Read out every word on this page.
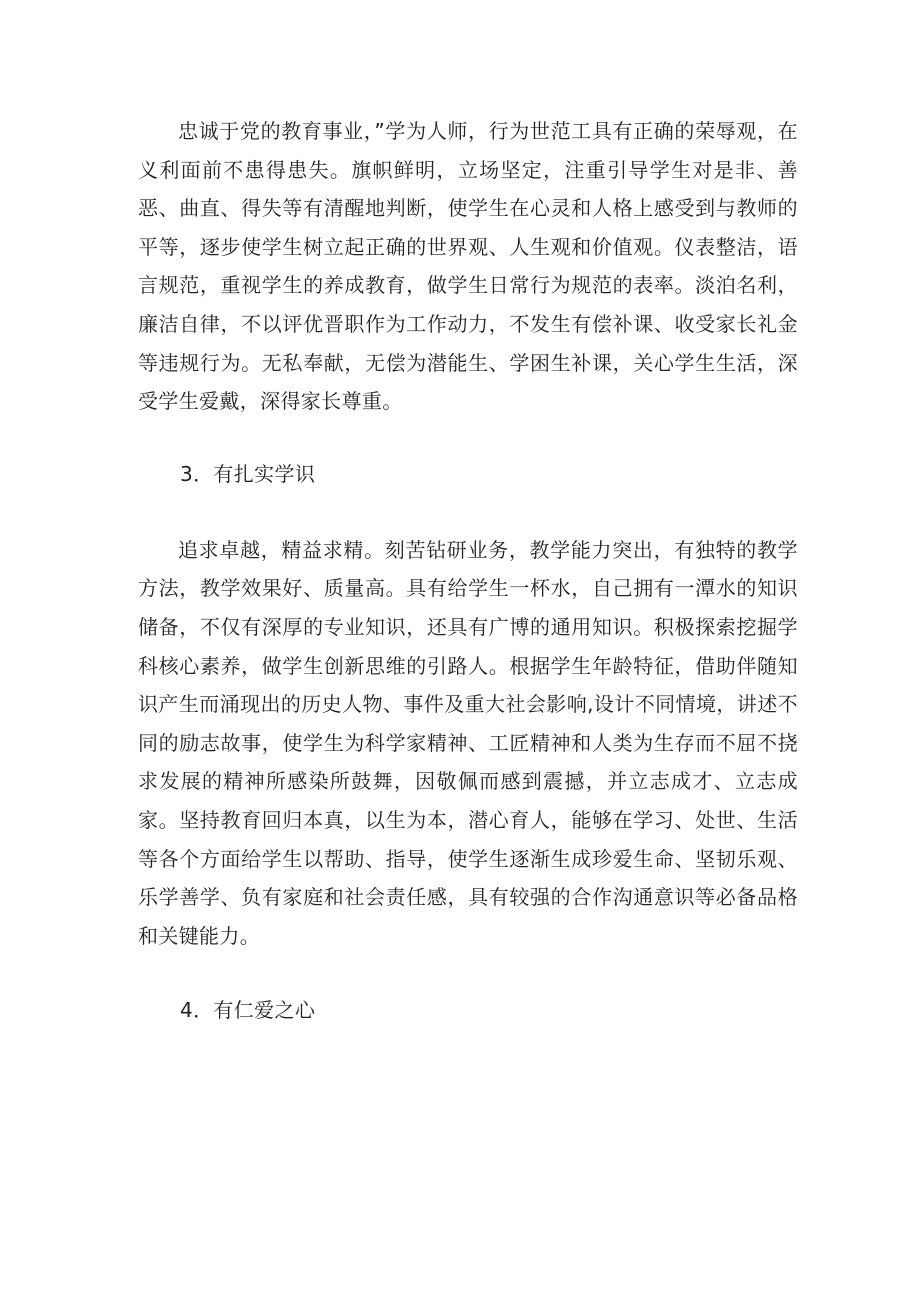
忠诚于党的教育事业，”学为人师，行为世范工具有正确的荣辱观，在义利面前不患得患失。旗帜鲜明，立场坚定，注重引导学生对是非、善恶、曲直、得失等有清醒地判断，使学生在心灵和人格上感受到与教师的平等，逐步使学生树立起正确的世界观、人生观和价值观。仪表整洁，语言规范，重视学生的养成教育，做学生日常行为规范的表率。淡泊名利，廉洁自律，不以评优晋职作为工作动力，不发生有偿补课、收受家长礼金等违规行为。无私奉献，无偿为潜能生、学困生补课，关心学生生活，深受学生爱戴，深得家长尊重。

3．有扎实学识

追求卓越，精益求精。刻苦钻研业务，教学能力突出，有独特的教学方法，教学效果好、质量高。具有给学生一杯水，自己拥有一潭水的知识储备，不仅有深厚的专业知识，还具有广博的通用知识。积极探索挖掘学科核心素养，做学生创新思维的引路人。根据学生年龄特征，借助伴随知识产生而涌现出的历史人物、事件及重大社会影响,设计不同情境，讲述不同的励志故事，使学生为科学家精神、工匠精神和人类为生存而不屈不挠求发展的精神所感染所鼓舞，因敬佩而感到震撼，并立志成才、立志成家。坚持教育回归本真，以生为本，潜心育人，能够在学习、处世、生活等各个方面给学生以帮助、指导，使学生逐渐生成珍爱生命、坚韧乐观、乐学善学、负有家庭和社会责任感，具有较强的合作沟通意识等必备品格和关键能力。

4．有仁爱之心
